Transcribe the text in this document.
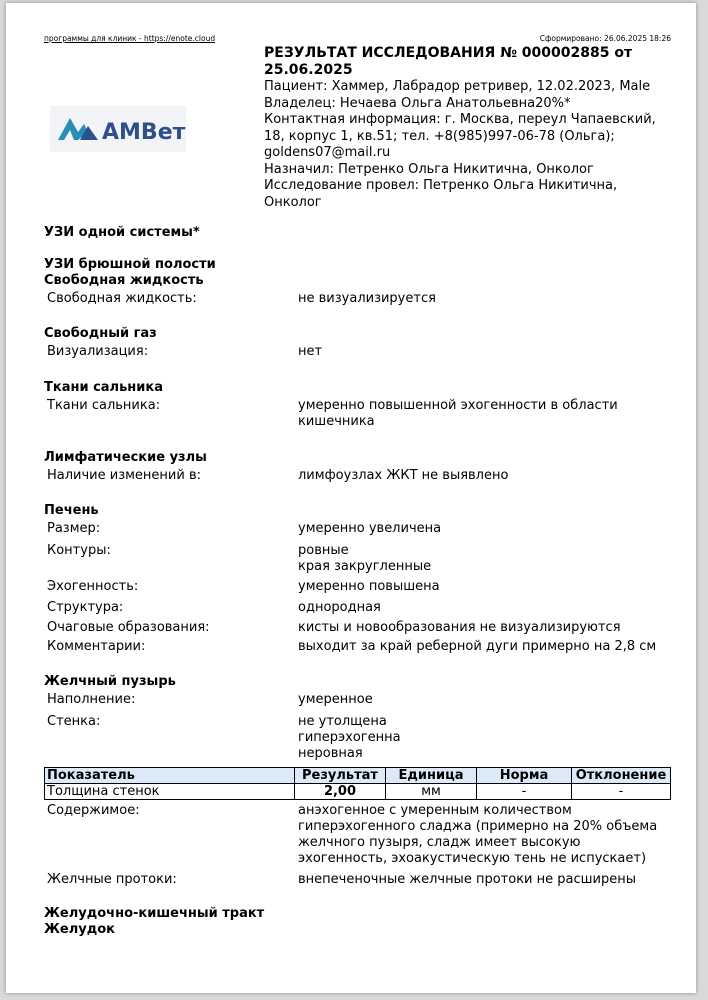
программы для клиник - https://enote.cloud	Сформировано: 26.06.2025 18:26
AMBет
РЕЗУЛЬТАТ ИССЛЕДОВАНИЯ № 000002885 от 25.06.2025
Пациент: Хаммер, Лабрадор ретривер, 12.02.2023, Male
Владелец: Нечаева Ольга Анатольевна20%*
Контактная информация: г. Москва, переул Чапаевский, 18, корпус 1, кв.51; тел. +8(985)997-06-78 (Ольга); goldens07@mail.ru
Назначил: Петренко Ольга Никитична, Онколог
Исследование провел: Петренко Ольга Никитична, Онколог
УЗИ одной системы*
УЗИ брюшной полости
Свободная жидкость
Свободная жидкость:	не визуализируется
Свободный газ
Визуализация:	нет
Ткани сальника
Ткани сальника:	умеренно повышенной эхогенности в области
кишечника
Лимфатические узлы
Наличие изменений в:	лимфоузлах ЖКТ не выявлено
Печень
Размер:	умеренно увеличена
Контуры:	ровные
края закругленные
Эхогенность:	умеренно повышена
Структура:	однородная
Очаговые образования:	кисты и новообразования не визуализируются
Комментарии:	выходит за край реберной дуги примерно на 2,8 см
Желчный пузырь
Наполнение:	умеренное
Стенка:	не утолщена
гиперэхогенна
неровная
Показатель	Результат	Единица	Норма	Отклонение
Толщина стенок	2,00	мм	-	-
Содержимое:	анэхогенное с умеренным количеством
гиперэхогенного сладжа (примерно на 20% объема
желчного пузыря, сладж имеет высокую
эхогенность, эхоакустическую тень не испускает)
Желчные протоки:	внепеченочные желчные протоки не расширены
Желудочно-кишечный тракт
Желудок
